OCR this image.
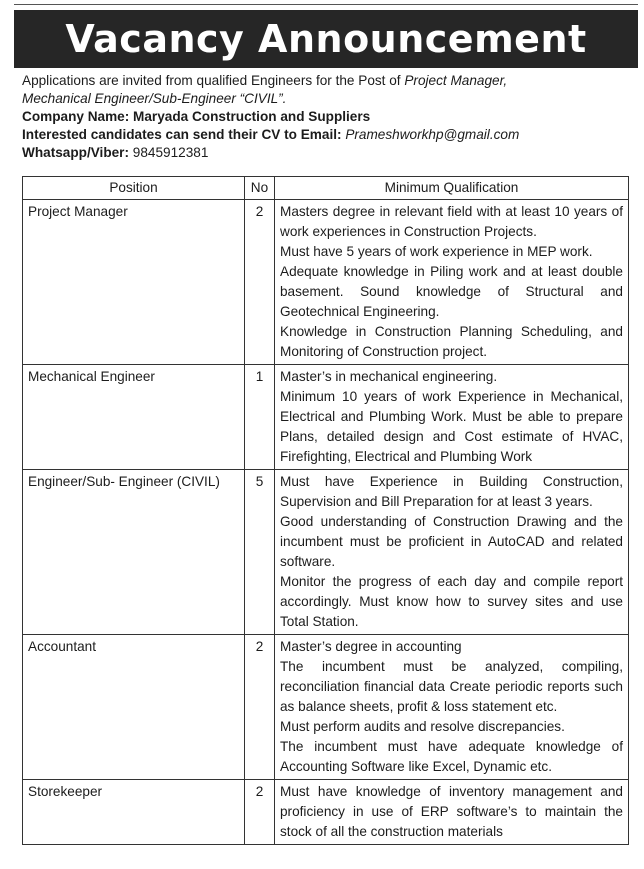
Vacancy Announcement

Applications are invited from qualified Engineers for the Post of Project Manager,

Mechanical Engineer/Sub-Engineer “CIVIL”.

Company Name: Maryada Construction and Suppliers

Interested candidates can send their CV to Email: Prameshworkhp@gmail.com

Whatsapp/Viber: 9845912381

Position	No	Minimum Qualification
Project Manager	2	Masters degree in relevant field with at least 10 years of work experiences in Construction Projects.
Must have 5 years of work experience in MEP work.
Adequate knowledge in Piling work and at least double basement. Sound knowledge of Structural and Geotechnical Engineering.
Knowledge in Construction Planning Scheduling, and Monitoring of Construction project.

Mechanical Engineer	1	Master’s in mechanical engineering.
Minimum 10 years of work Experience in Mechanical, Electrical and Plumbing Work. Must be able to prepare Plans, detailed design and Cost estimate of HVAC, Firefighting, Electrical and Plumbing Work

Engineer/Sub- Engineer (CIVIL)	5	Must have Experience in Building Construction, Supervision and Bill Preparation for at least 3 years.
Good understanding of Construction Drawing and the incumbent must be proficient in AutoCAD and related software.
Monitor the progress of each day and compile report accordingly. Must know how to survey sites and use Total Station.

Accountant	2	Master’s degree in accounting
The incumbent must be analyzed, compiling, reconciliation financial data Create periodic reports such as balance sheets, profit & loss statement etc.
Must perform audits and resolve discrepancies.
The incumbent must have adequate knowledge of Accounting Software like Excel, Dynamic etc.

Storekeeper	2	Must have knowledge of inventory management and proficiency in use of ERP software’s to maintain the stock of all the construction materials
